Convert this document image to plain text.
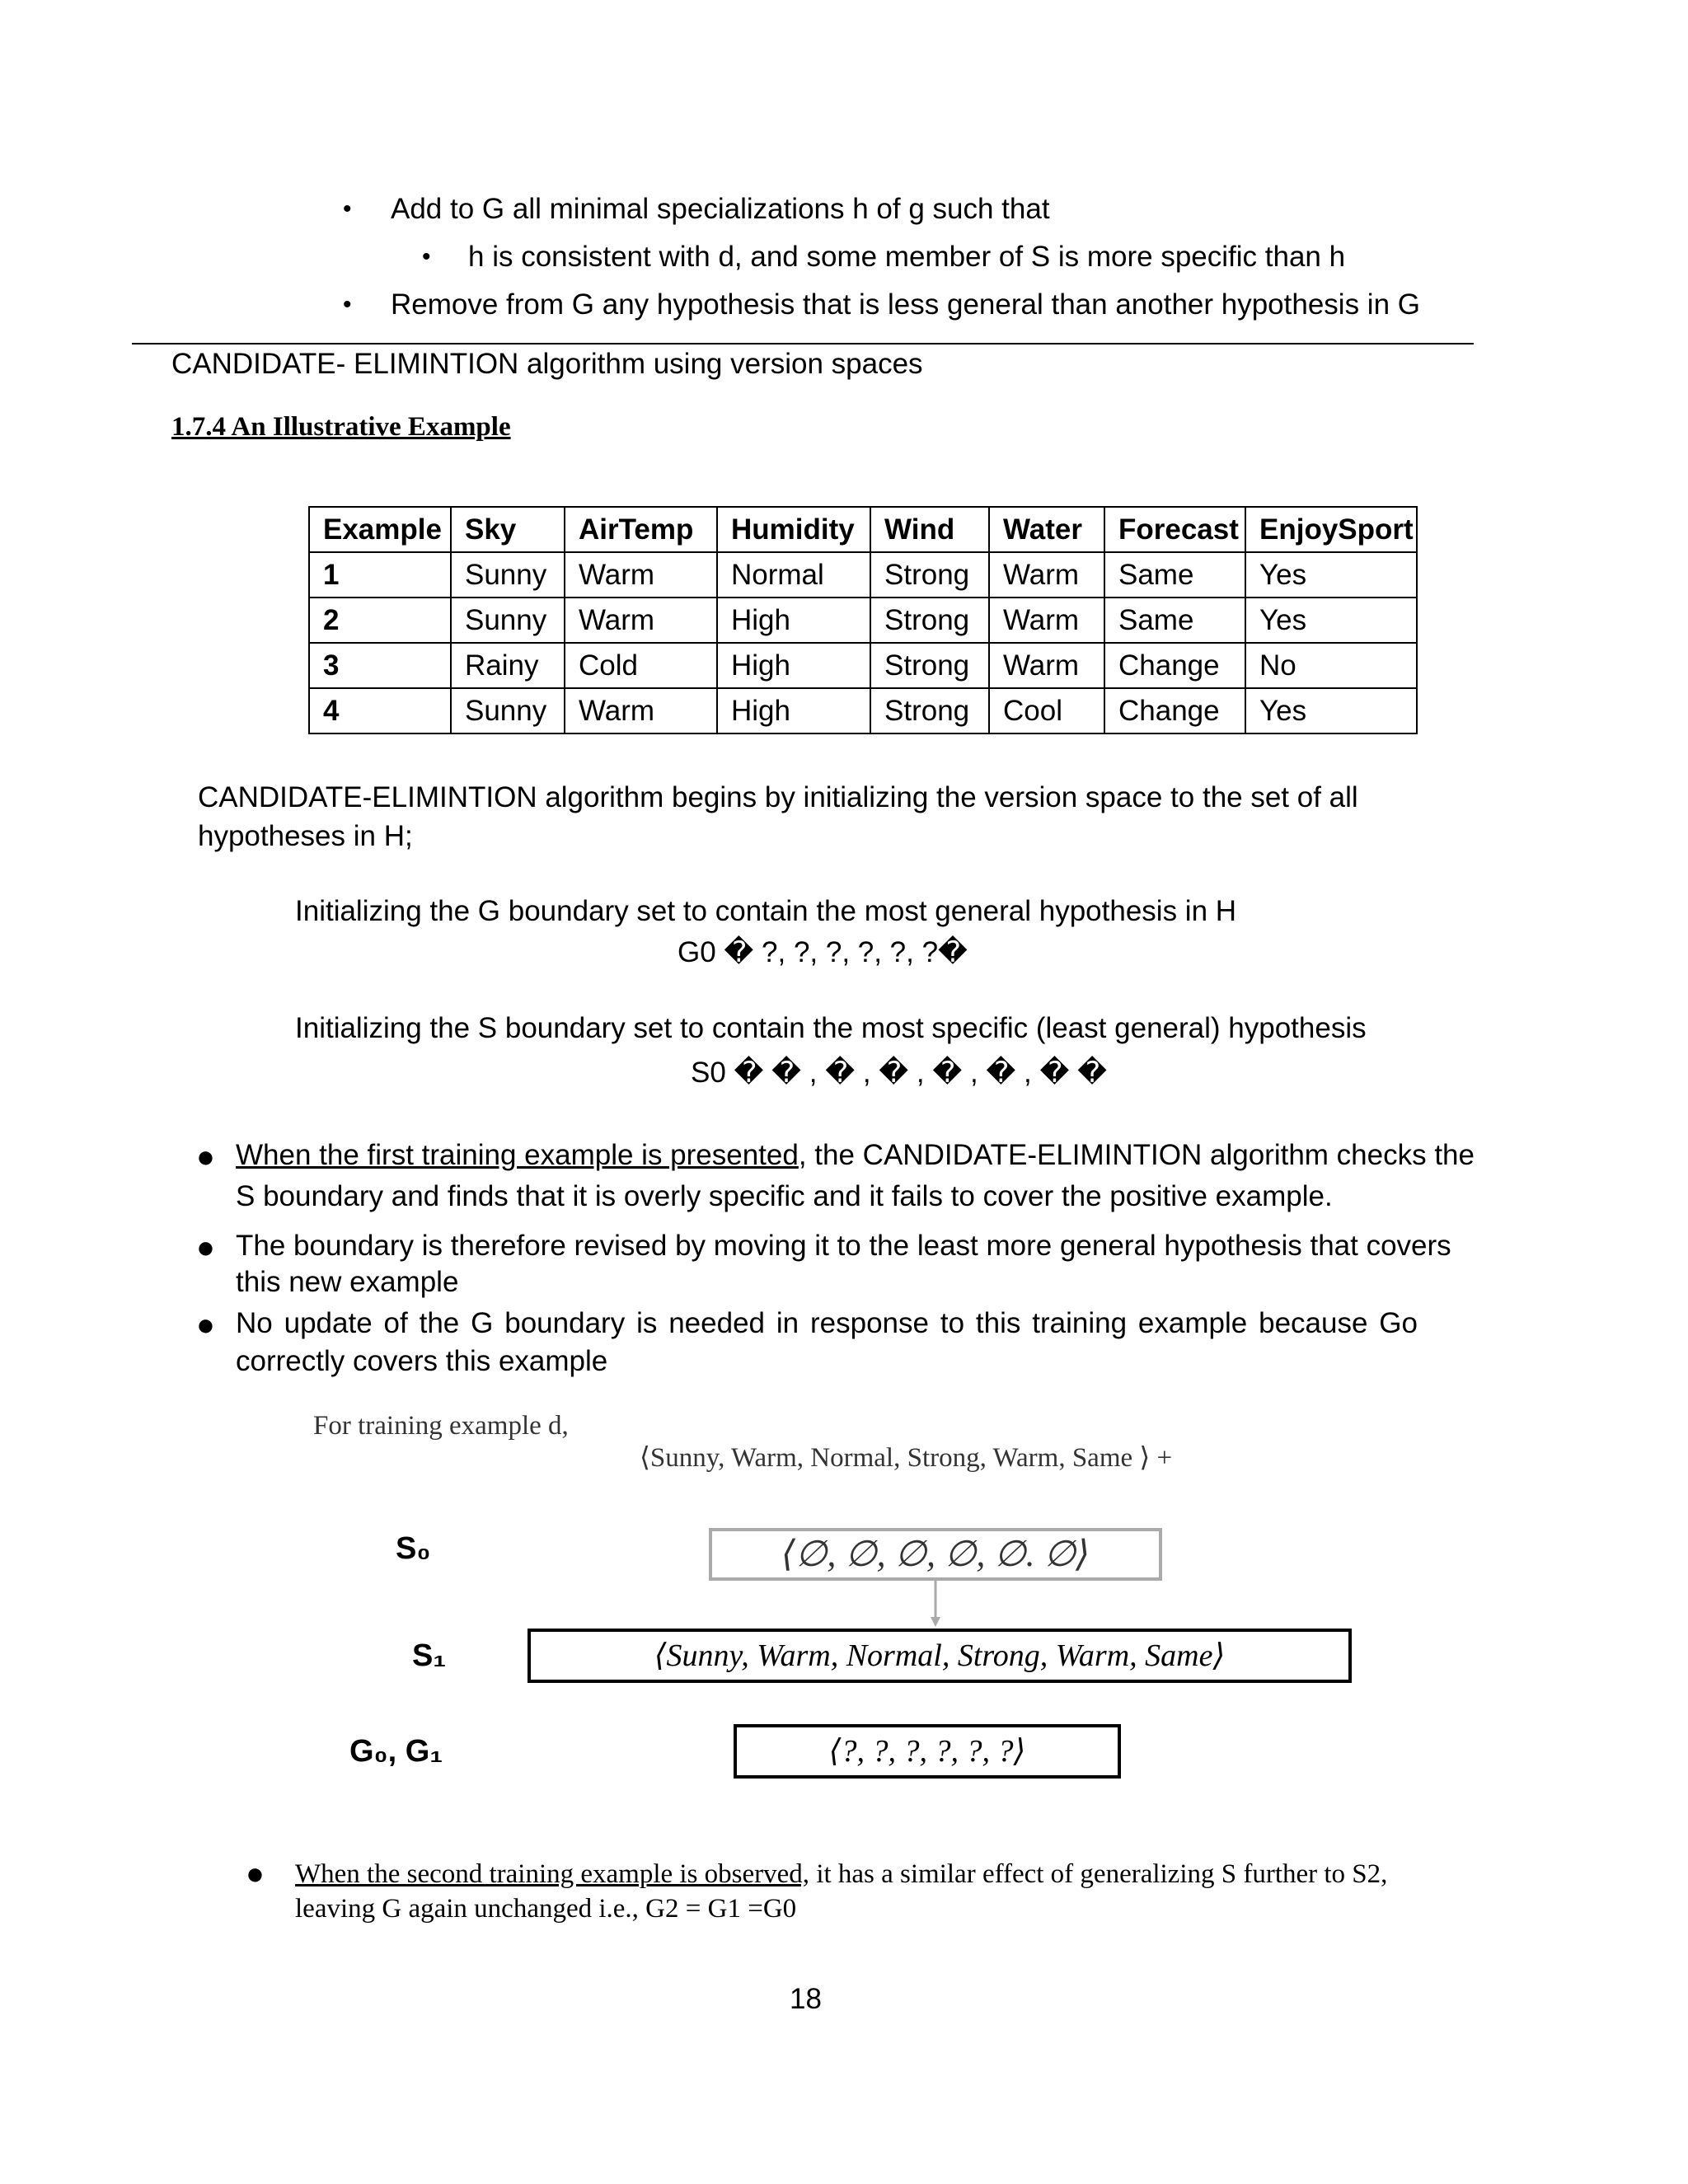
• Add to G all minimal specializations h of g such that
• h is consistent with d, and some member of S is more specific than h
• Remove from G any hypothesis that is less general than another hypothesis in G
CANDIDATE- ELIMINTION algorithm using version spaces
1.7.4 An Illustrative Example
Example	Sky	AirTemp	Humidity	Wind	Water	Forecast	EnjoySport
1	Sunny	Warm	Normal	Strong	Warm	Same	Yes
2	Sunny	Warm	High	Strong	Warm	Same	Yes
3	Rainy	Cold	High	Strong	Warm	Change	No
4	Sunny	Warm	High	Strong	Cool	Change	Yes
CANDIDATE-ELIMINTION algorithm begins by initializing the version space to the set of all
hypotheses in H;
Initializing the G boundary set to contain the most general hypothesis in H
G0 � ?, ?, ?, ?, ?, ?�
Initializing the S boundary set to contain the most specific (least general) hypothesis
S0 � � , � , � , � , � , � �
● When the first training example is presented, the CANDIDATE-ELIMINTION algorithm checks the
S boundary and finds that it is overly specific and it fails to cover the positive example.
● The boundary is therefore revised by moving it to the least more general hypothesis that covers
this new example
● No update of the G boundary is needed in response to this training example because Go
correctly covers this example
For training example d,
⟨Sunny, Warm, Normal, Strong, Warm, Same ⟩ +
S₀	⟨∅, ∅, ∅, ∅, ∅. ∅⟩
S₁	⟨Sunny, Warm, Normal, Strong, Warm, Same⟩
G₀, G₁	⟨?, ?, ?, ?, ?, ?⟩
● When the second training example is observed, it has a similar effect of generalizing S further to S2,
leaving G again unchanged i.e., G2 = G1 =G0
18
